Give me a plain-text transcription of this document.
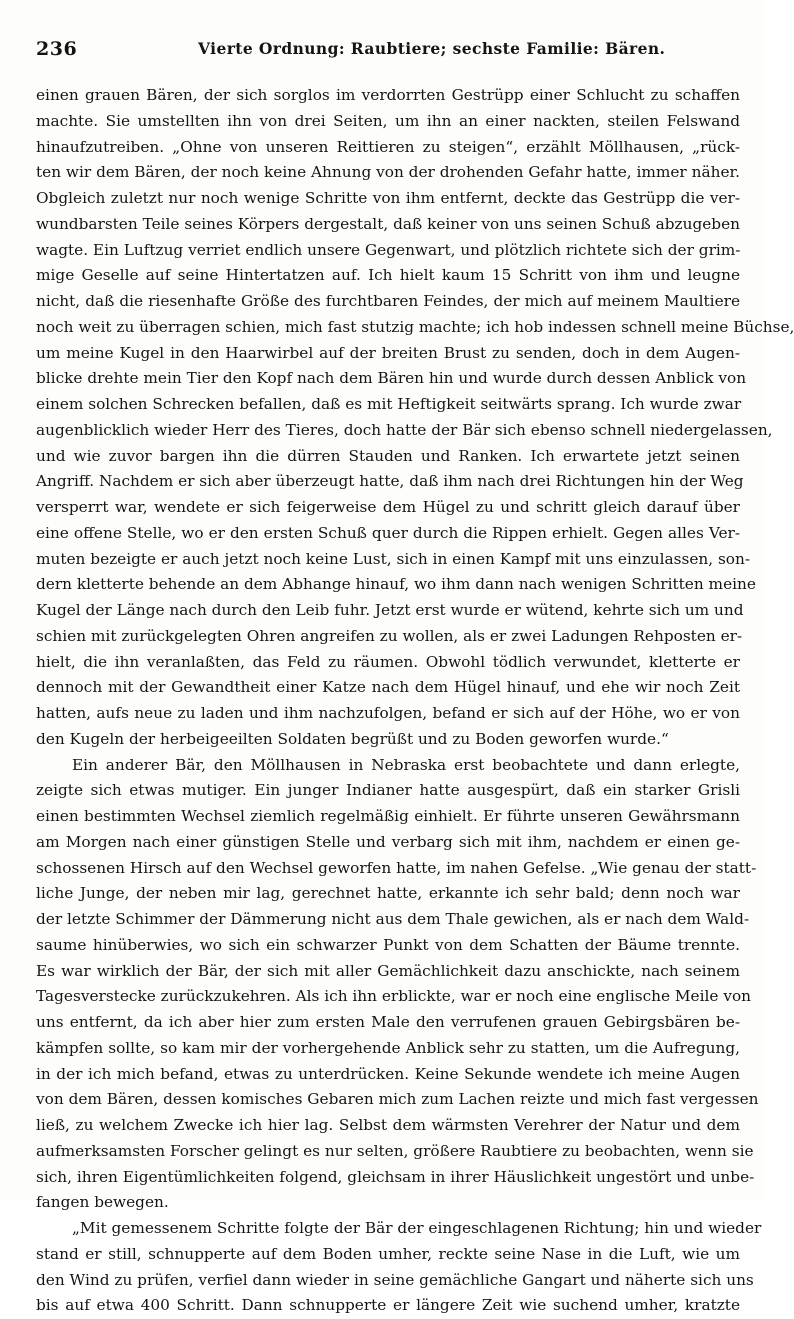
236	Vierte Ordnung: Raubtiere; sechste Familie: Bären.
einen grauen Bären, der sich sorglos im verdorrten Gestrüpp einer Schlucht zu schaffen
machte. Sie umstellten ihn von drei Seiten, um ihn an einer nackten, steilen Felswand
hinaufzutreiben. „Ohne von unseren Reittieren zu steigen“, erzählt Möllhausen, „rück-
ten wir dem Bären, der noch keine Ahnung von der drohenden Gefahr hatte, immer näher.
Obgleich zuletzt nur noch wenige Schritte von ihm entfernt, deckte das Gestrüpp die ver-
wundbarsten Teile seines Körpers dergestalt, daß keiner von uns seinen Schuß abzugeben
wagte. Ein Luftzug verriet endlich unsere Gegenwart, und plötzlich richtete sich der grim-
mige Geselle auf seine Hintertatzen auf. Ich hielt kaum 15 Schritt von ihm und leugne
nicht, daß die riesenhafte Größe des furchtbaren Feindes, der mich auf meinem Maultiere
noch weit zu überragen schien, mich fast stutzig machte; ich hob indessen schnell meine Büchse,
um meine Kugel in den Haarwirbel auf der breiten Brust zu senden, doch in dem Augen-
blicke drehte mein Tier den Kopf nach dem Bären hin und wurde durch dessen Anblick von
einem solchen Schrecken befallen, daß es mit Heftigkeit seitwärts sprang. Ich wurde zwar
augenblicklich wieder Herr des Tieres, doch hatte der Bär sich ebenso schnell niedergelassen,
und wie zuvor bargen ihn die dürren Stauden und Ranken. Ich erwartete jetzt seinen
Angriff. Nachdem er sich aber überzeugt hatte, daß ihm nach drei Richtungen hin der Weg
versperrt war, wendete er sich feigerweise dem Hügel zu und schritt gleich darauf über
eine offene Stelle, wo er den ersten Schuß quer durch die Rippen erhielt. Gegen alles Ver-
muten bezeigte er auch jetzt noch keine Lust, sich in einen Kampf mit uns einzulassen, son-
dern kletterte behende an dem Abhange hinauf, wo ihm dann nach wenigen Schritten meine
Kugel der Länge nach durch den Leib fuhr. Jetzt erst wurde er wütend, kehrte sich um und
schien mit zurückgelegten Ohren angreifen zu wollen, als er zwei Ladungen Rehposten er-
hielt, die ihn veranlaßten, das Feld zu räumen. Obwohl tödlich verwundet, kletterte er
dennoch mit der Gewandtheit einer Katze nach dem Hügel hinauf, und ehe wir noch Zeit
hatten, aufs neue zu laden und ihm nachzufolgen, befand er sich auf der Höhe, wo er von
den Kugeln der herbeigeeilten Soldaten begrüßt und zu Boden geworfen wurde.“
Ein anderer Bär, den Möllhausen in Nebraska erst beobachtete und dann erlegte,
zeigte sich etwas mutiger. Ein junger Indianer hatte ausgespürt, daß ein starker Grisli
einen bestimmten Wechsel ziemlich regelmäßig einhielt. Er führte unseren Gewährsmann
am Morgen nach einer günstigen Stelle und verbarg sich mit ihm, nachdem er einen ge-
schossenen Hirsch auf den Wechsel geworfen hatte, im nahen Gefelse. „Wie genau der statt-
liche Junge, der neben mir lag, gerechnet hatte, erkannte ich sehr bald; denn noch war
der letzte Schimmer der Dämmerung nicht aus dem Thale gewichen, als er nach dem Wald-
saume hinüberwies, wo sich ein schwarzer Punkt von dem Schatten der Bäume trennte.
Es war wirklich der Bär, der sich mit aller Gemächlichkeit dazu anschickte, nach seinem
Tagesverstecke zurückzukehren. Als ich ihn erblickte, war er noch eine englische Meile von
uns entfernt, da ich aber hier zum ersten Male den verrufenen grauen Gebirgsbären be-
kämpfen sollte, so kam mir der vorhergehende Anblick sehr zu statten, um die Aufregung,
in der ich mich befand, etwas zu unterdrücken. Keine Sekunde wendete ich meine Augen
von dem Bären, dessen komisches Gebaren mich zum Lachen reizte und mich fast vergessen
ließ, zu welchem Zwecke ich hier lag. Selbst dem wärmsten Verehrer der Natur und dem
aufmerksamsten Forscher gelingt es nur selten, größere Raubtiere zu beobachten, wenn sie
sich, ihren Eigentümlichkeiten folgend, gleichsam in ihrer Häuslichkeit ungestört und unbe-
fangen bewegen.
„Mit gemessenem Schritte folgte der Bär der eingeschlagenen Richtung; hin und wieder
stand er still, schnupperte auf dem Boden umher, reckte seine Nase in die Luft, wie um
den Wind zu prüfen, verfiel dann wieder in seine gemächliche Gangart und näherte sich uns
bis auf etwa 400 Schritt. Dann schnupperte er längere Zeit wie suchend umher, kratzte
